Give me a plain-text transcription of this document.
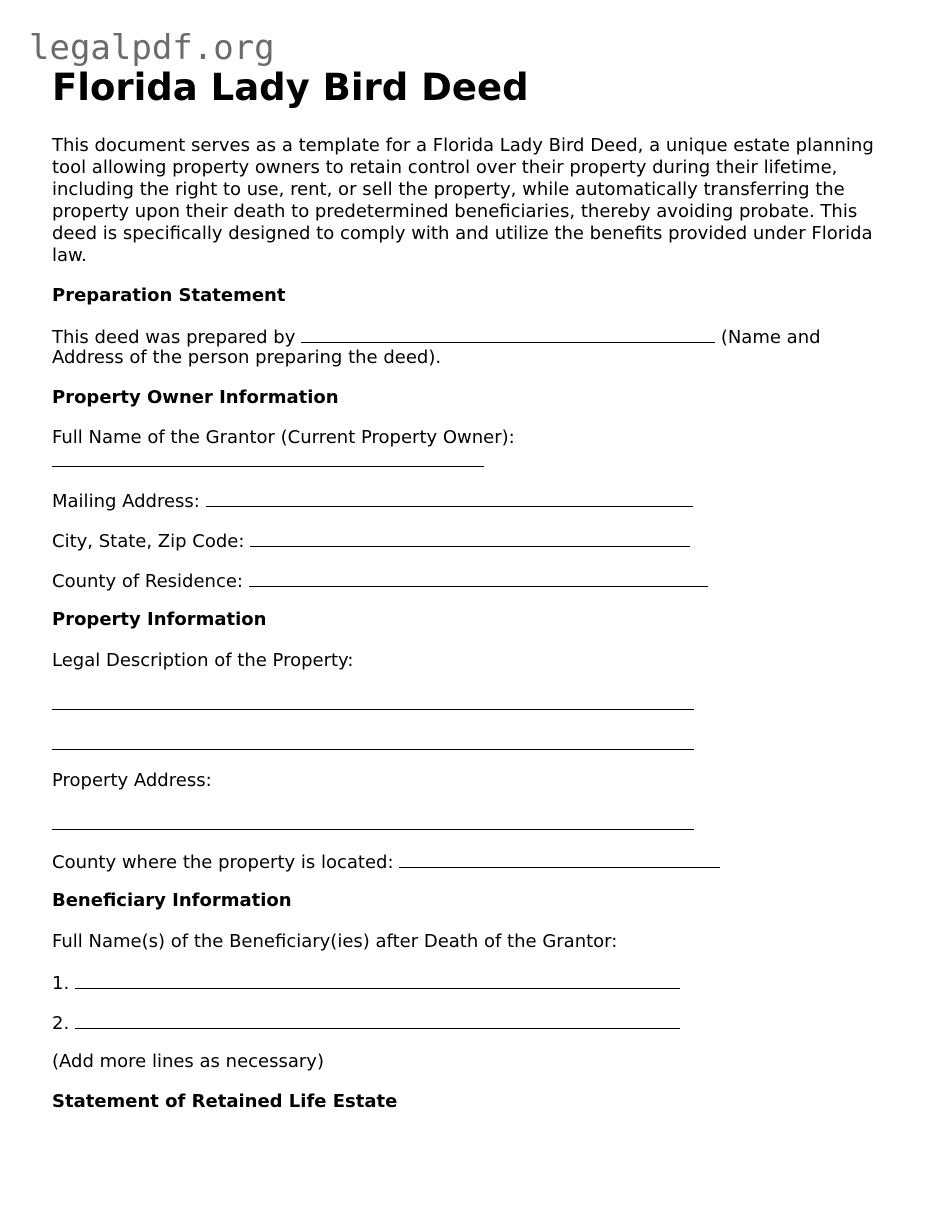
legalpdf.org
Florida Lady Bird Deed

This document serves as a template for a Florida Lady Bird Deed, a unique estate planning tool allowing property owners to retain control over their property during their lifetime, including the right to use, rent, or sell the property, while automatically transferring the property upon their death to predetermined beneficiaries, thereby avoiding probate. This deed is specifically designed to comply with and utilize the benefits provided under Florida law.

Preparation Statement

This deed was prepared by	(Name and

Address of the person preparing the deed).

Property Owner Information

Full Name of the Grantor (Current Property Owner):

Mailing Address:

City, State, Zip Code:

County of Residence:

Property Information

Legal Description of the Property:

Property Address:

County where the property is located:

Beneficiary Information

Full Name(s) of the Beneficiary(ies) after Death of the Grantor:

1.

2.

(Add more lines as necessary)

Statement of Retained Life Estate
